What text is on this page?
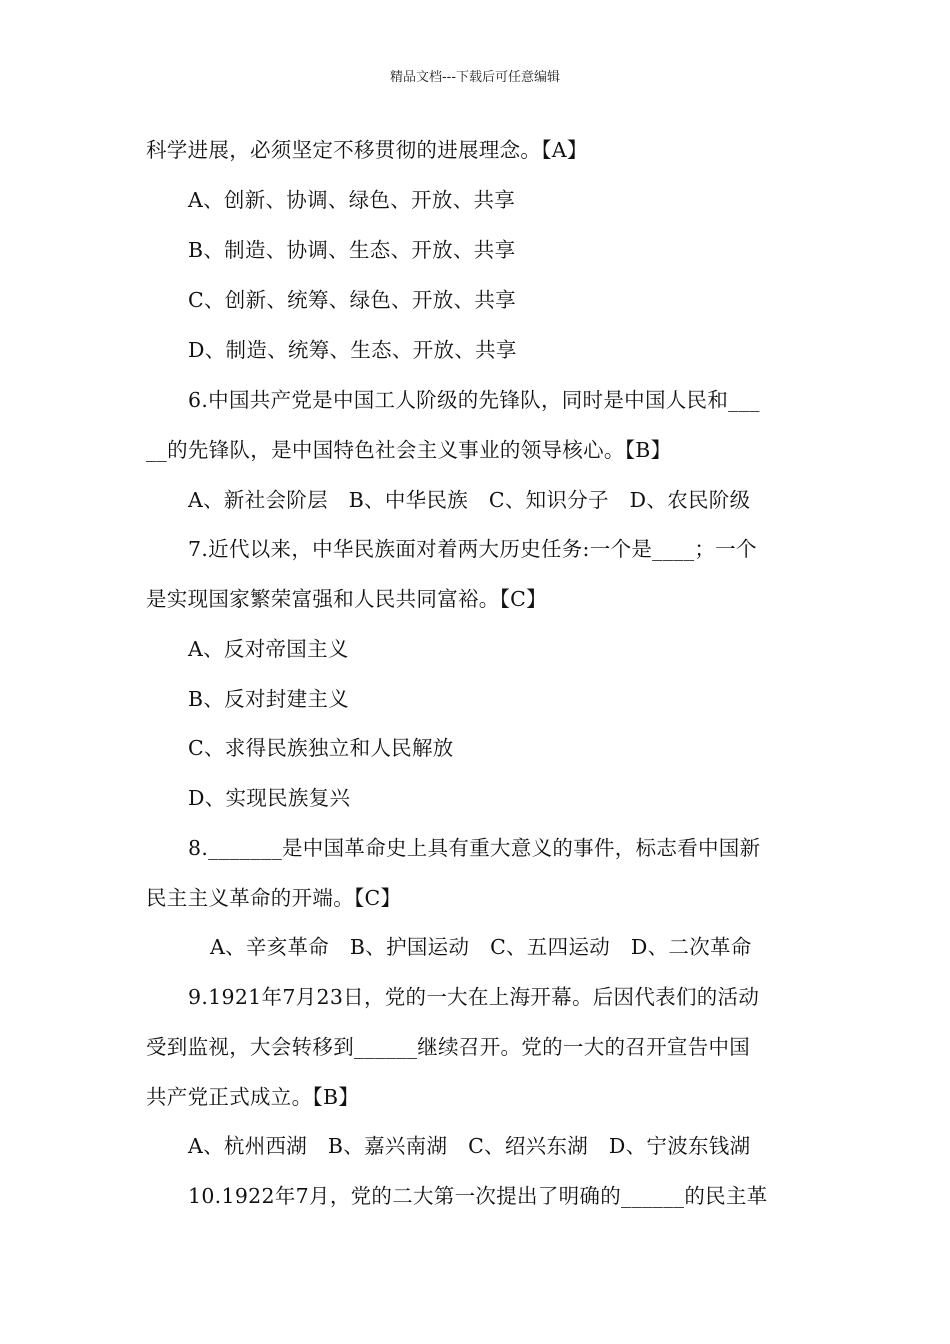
精品文档---下载后可任意编辑
科学进展，必须坚定不移贯彻的进展理念。【A】
A、创新、协调、绿色、开放、共享
B、制造、协调、生态、开放、共享
C、创新、统筹、绿色、开放、共享
D、制造、统筹、生态、开放、共享
6.中国共产党是中国工人阶级的先锋队，同时是中国人民和___
__的先锋队，是中国特色社会主义事业的领导核心。【B】
A、新社会阶层　B、中华民族　C、知识分子　D、农民阶级
7.近代以来，中华民族面对着两大历史任务:一个是____；一个
是实现国家繁荣富强和人民共同富裕。【C】
A、反对帝国主义
B、反对封建主义
C、求得民族独立和人民解放
D、实现民族复兴
8._______是中国革命史上具有重大意义的事件，标志看中国新
民主主义革命的开端。【C】
A、辛亥革命　B、护国运动　C、五四运动　D、二次革命
9.1921年7月23日，党的一大在上海开幕。后因代表们的活动
受到监视，大会转移到______继续召开。党的一大的召开宣告中国
共产党正式成立。【B】
A、杭州西湖　B、嘉兴南湖　C、绍兴东湖　D、宁波东钱湖
10.1922年7月，党的二大第一次提出了明确的______的民主革
